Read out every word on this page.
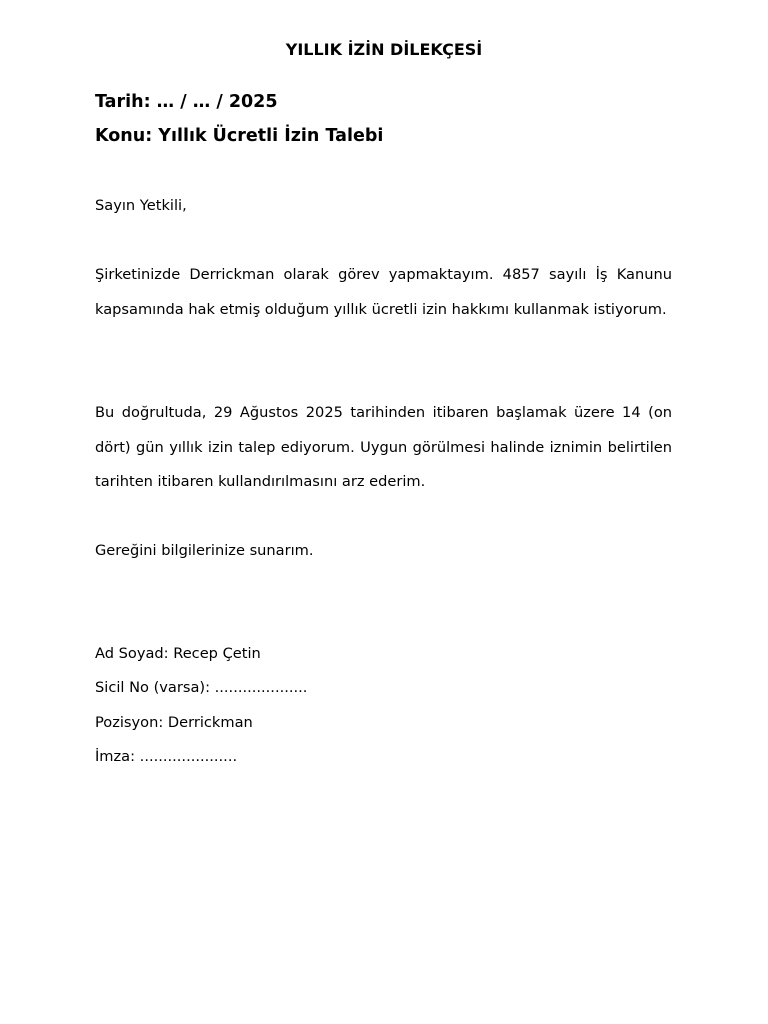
YILLIK İZİN DİLEKÇESİ

Tarih: … / … / 2025

Konu: Yıllık Ücretli İzin Talebi

Sayın Yetkili,

Şirketinizde Derrickman olarak görev yapmaktayım. 4857 sayılı İş Kanunu kapsamında hak etmiş olduğum yıllık ücretli izin hakkımı kullanmak istiyorum.

Bu doğrultuda, 29 Ağustos 2025 tarihinden itibaren başlamak üzere 14 (on dört) gün yıllık izin talep ediyorum. Uygun görülmesi halinde iznimin belirtilen tarihten itibaren kullandırılmasını arz ederim.

Gereğini bilgilerinize sunarım.

Ad Soyad: Recep Çetin

Sicil No (varsa): ....................

Pozisyon: Derrickman

İmza: .....................
